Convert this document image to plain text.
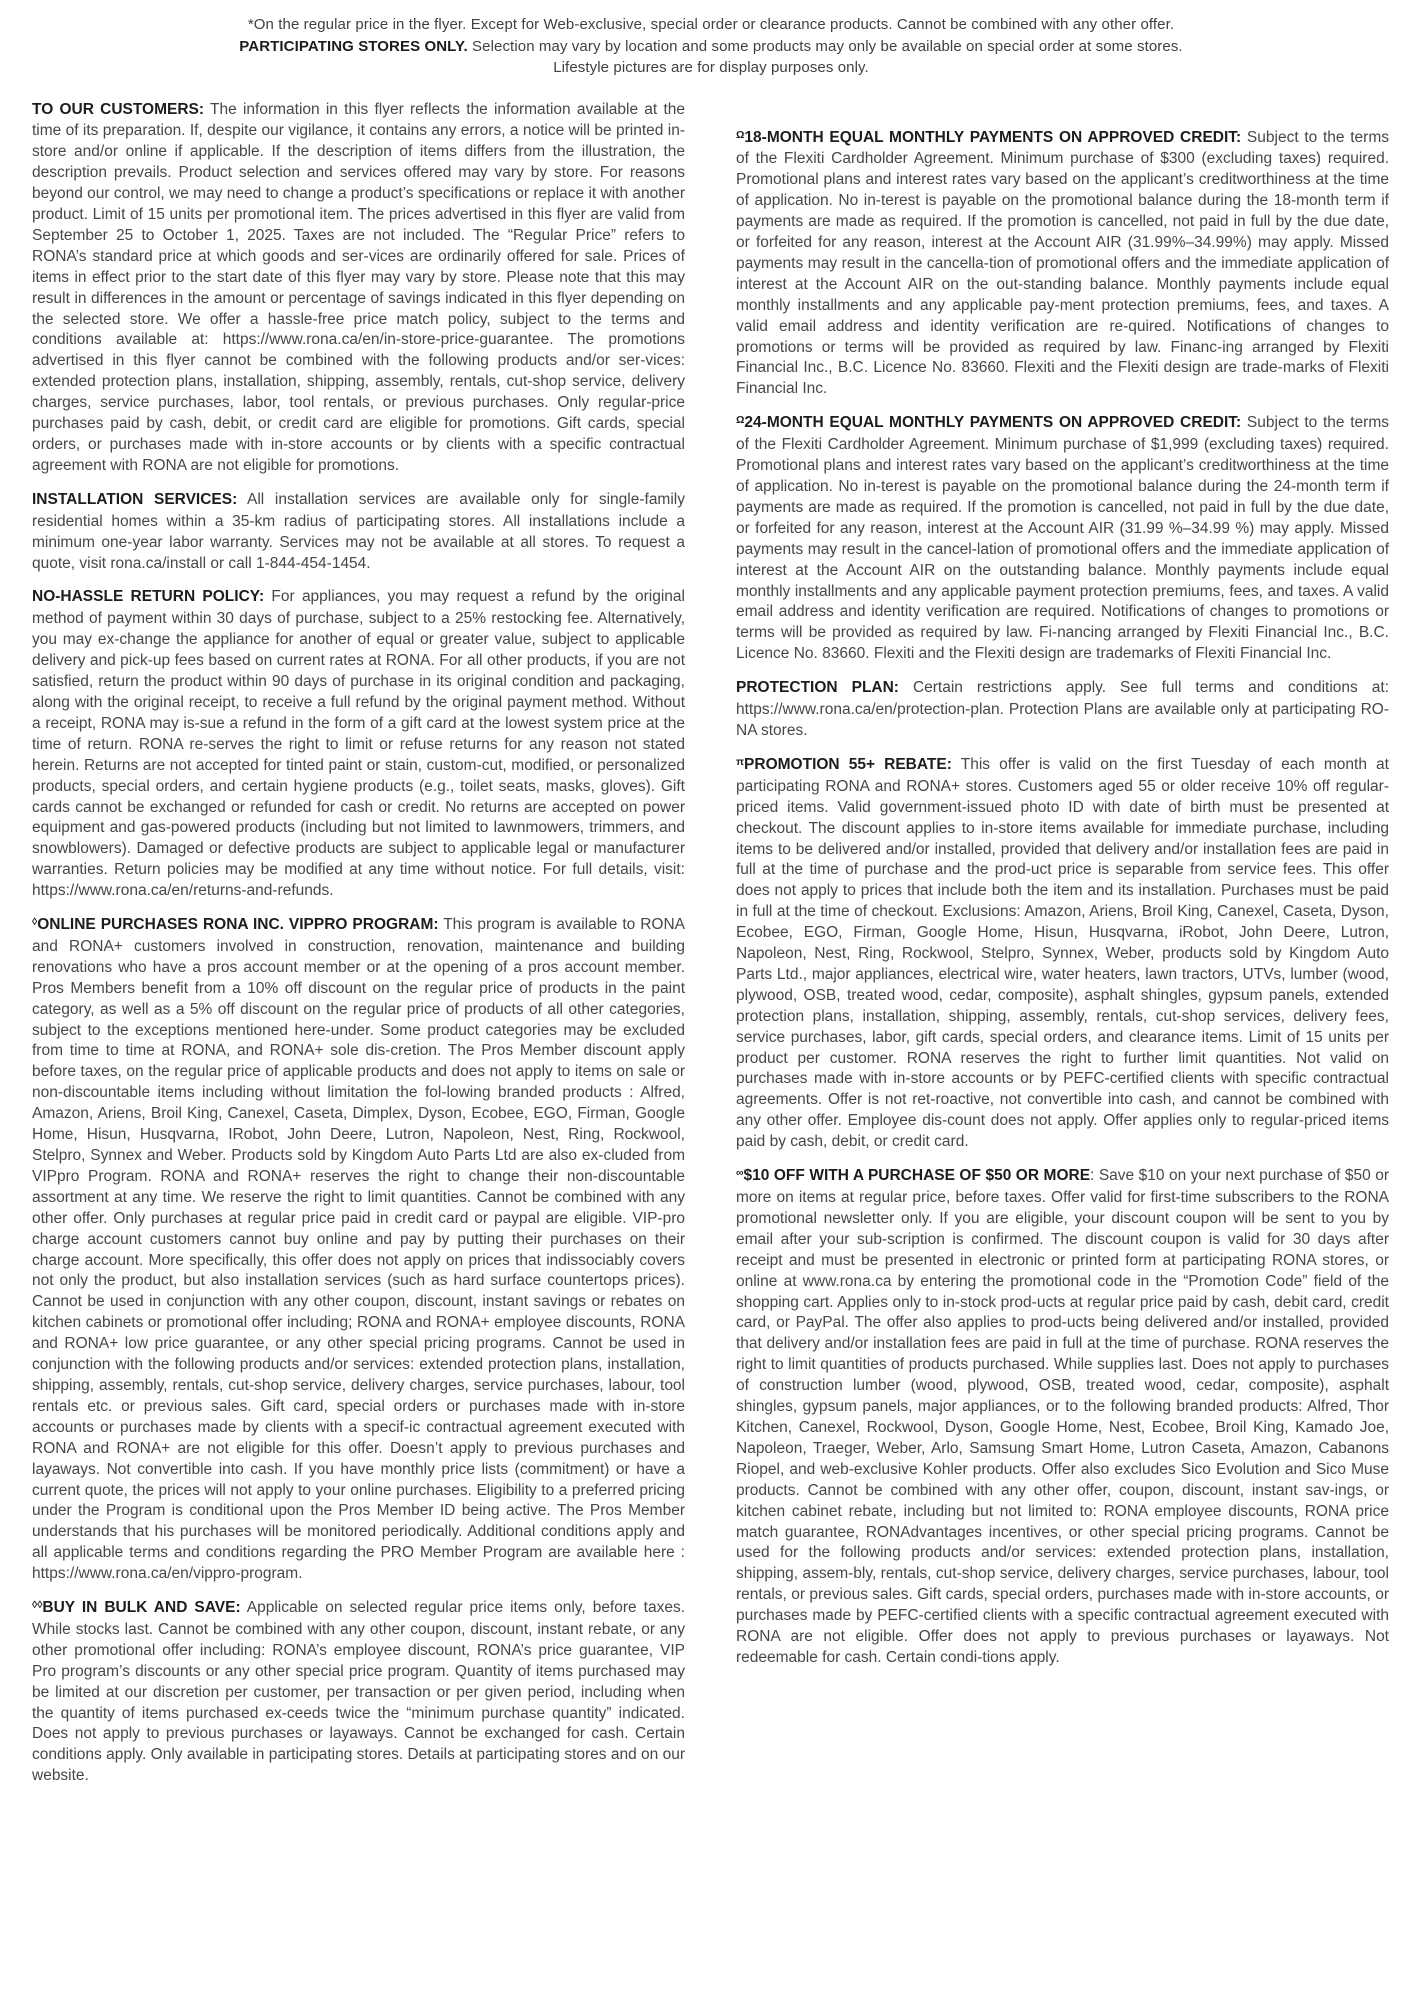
*On the regular price in the flyer. Except for Web-exclusive, special order or clearance products. Cannot be combined with any other offer.
PARTICIPATING STORES ONLY. Selection may vary by location and some products may only be available on special order at some stores.
Lifestyle pictures are for display purposes only.

TO OUR CUSTOMERS: The information in this flyer reflects the information available at the time of its preparation. If, despite our vigilance, it contains any errors, a notice will be printed in-store and/or online if applicable. If the description of items differs from the illustration, the description prevails. Product selection and services offered may vary by store. For reasons beyond our control, we may need to change a product’s specifications or replace it with another product. Limit of 15 units per promotional item. The prices advertised in this flyer are valid from September 25 to October 1, 2025. Taxes are not included. The “Regular Price” refers to RONA’s standard price at which goods and ser-vices are ordinarily offered for sale. Prices of items in effect prior to the start date of this flyer may vary by store. Please note that this may result in differences in the amount or percentage of savings indicated in this flyer depending on the selected store. We offer a hassle-free price match policy, subject to the terms and conditions available at: https://www.rona.ca/en/in-store-price-guarantee. The promotions advertised in this flyer cannot be combined with the following products and/or ser-vices: extended protection plans, installation, shipping, assembly, rentals, cut-shop service, delivery charges, service purchases, labor, tool rentals, or previous purchases. Only regular-price purchases paid by cash, debit, or credit card are eligible for promotions. Gift cards, special orders, or purchases made with in-store accounts or by clients with a specific contractual agreement with RONA are not eligible for promotions.

INSTALLATION SERVICES: All installation services are available only for single-family residential homes within a 35-km radius of participating stores. All installations include a minimum one-year labor warranty. Services may not be available at all stores. To request a quote, visit rona.ca/install or call 1-844-454-1454.

NO-HASSLE RETURN POLICY: For appliances, you may request a refund by the original method of payment within 30 days of purchase, subject to a 25% restocking fee. Alternatively, you may ex-change the appliance for another of equal or greater value, subject to applicable delivery and pick-up fees based on current rates at RONA. For all other products, if you are not satisfied, return the product within 90 days of purchase in its original condition and packaging, along with the original receipt, to receive a full refund by the original payment method. Without a receipt, RONA may is-sue a refund in the form of a gift card at the lowest system price at the time of return. RONA re-serves the right to limit or refuse returns for any reason not stated herein. Returns are not accepted for tinted paint or stain, custom-cut, modified, or personalized products, special orders, and certain hygiene products (e.g., toilet seats, masks, gloves). Gift cards cannot be exchanged or refunded for cash or credit. No returns are accepted on power equipment and gas-powered products (including but not limited to lawnmowers, trimmers, and snowblowers). Damaged or defective products are subject to applicable legal or manufacturer warranties. Return policies may be modified at any time without notice. For full details, visit: https://www.rona.ca/en/returns-and-refunds.

◊ONLINE PURCHASES RONA INC. VIPPRO PROGRAM: This program is available to RONA and RONA+ customers involved in construction, renovation, maintenance and building renovations who have a pros account member or at the opening of a pros account member. Pros Members benefit from a 10% off discount on the regular price of products in the paint category, as well as a 5% off discount on the regular price of products of all other categories, subject to the exceptions mentioned here-under. Some product categories may be excluded from time to time at RONA, and RONA+ sole dis-cretion. The Pros Member discount apply before taxes, on the regular price of applicable products and does not apply to items on sale or non-discountable items including without limitation the fol-lowing branded products : Alfred, Amazon, Ariens, Broil King, Canexel, Caseta, Dimplex, Dyson, Ecobee, EGO, Firman, Google Home, Hisun, Husqvarna, IRobot, John Deere, Lutron, Napoleon, Nest, Ring, Rockwool, Stelpro, Synnex and Weber. Products sold by Kingdom Auto Parts Ltd are also ex-cluded from VIPpro Program. RONA and RONA+ reserves the right to change their non-discountable assortment at any time. We reserve the right to limit quantities. Cannot be combined with any other offer. Only purchases at regular price paid in credit card or paypal are eligible. VIP-pro charge account customers cannot buy online and pay by putting their purchases on their charge account. More specifically, this offer does not apply on prices that indissociably covers not only the product, but also installation services (such as hard surface countertops prices). Cannot be used in conjunction with any other coupon, discount, instant savings or rebates on kitchen cabinets or promotional offer including; RONA and RONA+ employee discounts, RONA and RONA+ low price guarantee, or any other special pricing programs. Cannot be used in conjunction with the following products and/or services: extended protection plans, installation, shipping, assembly, rentals, cut-shop service, delivery charges, service purchases, labour, tool rentals etc. or previous sales. Gift card, special orders or purchases made with in-store accounts or purchases made by clients with a specif-ic contractual agreement executed with RONA and RONA+ are not eligible for this offer. Doesn’t apply to previous purchases and layaways. Not convertible into cash. If you have monthly price lists (commitment) or have a current quote, the prices will not apply to your online purchases. Eligibility to a preferred pricing under the Program is conditional upon the Pros Member ID being active. The Pros Member understands that his purchases will be monitored periodically. Additional conditions apply and all applicable terms and conditions regarding the PRO Member Program are available here : https://www.rona.ca/en/vippro-program.

◊◊BUY IN BULK AND SAVE: Applicable on selected regular price items only, before taxes. While stocks last. Cannot be combined with any other coupon, discount, instant rebate, or any other promotional offer including: RONA’s employee discount, RONA’s price guarantee, VIP Pro program’s discounts or any other special price program. Quantity of items purchased may be limited at our discretion per customer, per transaction or per given period, including when the quantity of items purchased ex-ceeds twice the “minimum purchase quantity” indicated. Does not apply to previous purchases or layaways. Cannot be exchanged for cash. Certain conditions apply. Only available in participating stores. Details at participating stores and on our website.

$^\Omega$18-MONTH EQUAL MONTHLY PAYMENTS ON APPROVED CREDIT: Subject to the terms of the Flexiti Cardholder Agreement. Minimum purchase of $300 (excluding taxes) required. Promotional plans and interest rates vary based on the applicant’s creditworthiness at the time of application. No in-terest is payable on the promotional balance during the 18-month term if payments are made as required. If the promotion is cancelled, not paid in full by the due date, or forfeited for any reason, interest at the Account AIR (31.99%–34.99%) may apply. Missed payments may result in the cancella-tion of promotional offers and the immediate application of interest at the Account AIR on the out-standing balance. Monthly payments include equal monthly installments and any applicable pay-ment protection premiums, fees, and taxes. A valid email address and identity verification are re-quired. Notifications of changes to promotions or terms will be provided as required by law. Financ-ing arranged by Flexiti Financial Inc., B.C. Licence No. 83660. Flexiti and the Flexiti design are trade-marks of Flexiti Financial Inc.

$^\Omega$24-MONTH EQUAL MONTHLY PAYMENTS ON APPROVED CREDIT: Subject to the terms of the Flexiti Cardholder Agreement. Minimum purchase of $1,999 (excluding taxes) required. Promotional plans and interest rates vary based on the applicant’s creditworthiness at the time of application. No in-terest is payable on the promotional balance during the 24-month term if payments are made as required. If the promotion is cancelled, not paid in full by the due date, or forfeited for any reason, interest at the Account AIR (31.99 %–34.99 %) may apply. Missed payments may result in the cancel-lation of promotional offers and the immediate application of interest at the Account AIR on the outstanding balance. Monthly payments include equal monthly installments and any applicable payment protection premiums, fees, and taxes. A valid email address and identity verification are required. Notifications of changes to promotions or terms will be provided as required by law. Fi-nancing arranged by Flexiti Financial Inc., B.C. Licence No. 83660. Flexiti and the Flexiti design are trademarks of Flexiti Financial Inc.

PROTECTION PLAN: Certain restrictions apply. See full terms and conditions at: https://www.rona.ca/en/protection-plan. Protection Plans are available only at participating RO-NA stores.

$^\pi$PROMOTION 55+ REBATE: This offer is valid on the first Tuesday of each month at participating RONA and RONA+ stores. Customers aged 55 or older receive 10% off regular-priced items. Valid government-issued photo ID with date of birth must be presented at checkout. The discount applies to in-store items available for immediate purchase, including items to be delivered and/or installed, provided that delivery and/or installation fees are paid in full at the time of purchase and the prod-uct price is separable from service fees. This offer does not apply to prices that include both the item and its installation. Purchases must be paid in full at the time of checkout. Exclusions: Amazon, Ariens, Broil King, Canexel, Caseta, Dyson, Ecobee, EGO, Firman, Google Home, Hisun, Husqvarna, iRobot, John Deere, Lutron, Napoleon, Nest, Ring, Rockwool, Stelpro, Synnex, Weber, products sold by Kingdom Auto Parts Ltd., major appliances, electrical wire, water heaters, lawn tractors, UTVs, lumber (wood, plywood, OSB, treated wood, cedar, composite), asphalt shingles, gypsum panels, extended protection plans, installation, shipping, assembly, rentals, cut-shop services, delivery fees, service purchases, labor, gift cards, special orders, and clearance items. Limit of 15 units per product per customer. RONA reserves the right to further limit quantities. Not valid on purchases made with in-store accounts or by PEFC-certified clients with specific contractual agreements. Offer is not ret-roactive, not convertible into cash, and cannot be combined with any other offer. Employee dis-count does not apply. Offer applies only to regular-priced items paid by cash, debit, or credit card.

∞$10 OFF WITH A PURCHASE OF $50 OR MORE: Save $10 on your next purchase of $50 or more on items at regular price, before taxes. Offer valid for first-time subscribers to the RONA promotional newsletter only. If you are eligible, your discount coupon will be sent to you by email after your sub-scription is confirmed. The discount coupon is valid for 30 days after receipt and must be presented in electronic or printed form at participating RONA stores, or online at www.rona.ca by entering the promotional code in the “Promotion Code” field of the shopping cart. Applies only to in-stock prod-ucts at regular price paid by cash, debit card, credit card, or PayPal. The offer also applies to prod-ucts being delivered and/or installed, provided that delivery and/or installation fees are paid in full at the time of purchase. RONA reserves the right to limit quantities of products purchased. While supplies last. Does not apply to purchases of construction lumber (wood, plywood, OSB, treated wood, cedar, composite), asphalt shingles, gypsum panels, major appliances, or to the following branded products: Alfred, Thor Kitchen, Canexel, Rockwool, Dyson, Google Home, Nest, Ecobee, Broil King, Kamado Joe, Napoleon, Traeger, Weber, Arlo, Samsung Smart Home, Lutron Caseta, Amazon, Cabanons Riopel, and web-exclusive Kohler products. Offer also excludes Sico Evolution and Sico Muse products. Cannot be combined with any other offer, coupon, discount, instant sav-ings, or kitchen cabinet rebate, including but not limited to: RONA employee discounts, RONA price match guarantee, RONAdvantages incentives, or other special pricing programs. Cannot be used for the following products and/or services: extended protection plans, installation, shipping, assem-bly, rentals, cut-shop service, delivery charges, service purchases, labour, tool rentals, or previous sales. Gift cards, special orders, purchases made with in-store accounts, or purchases made by PEFC-certified clients with a specific contractual agreement executed with RONA are not eligible. Offer does not apply to previous purchases or layaways. Not redeemable for cash. Certain condi-tions apply.
